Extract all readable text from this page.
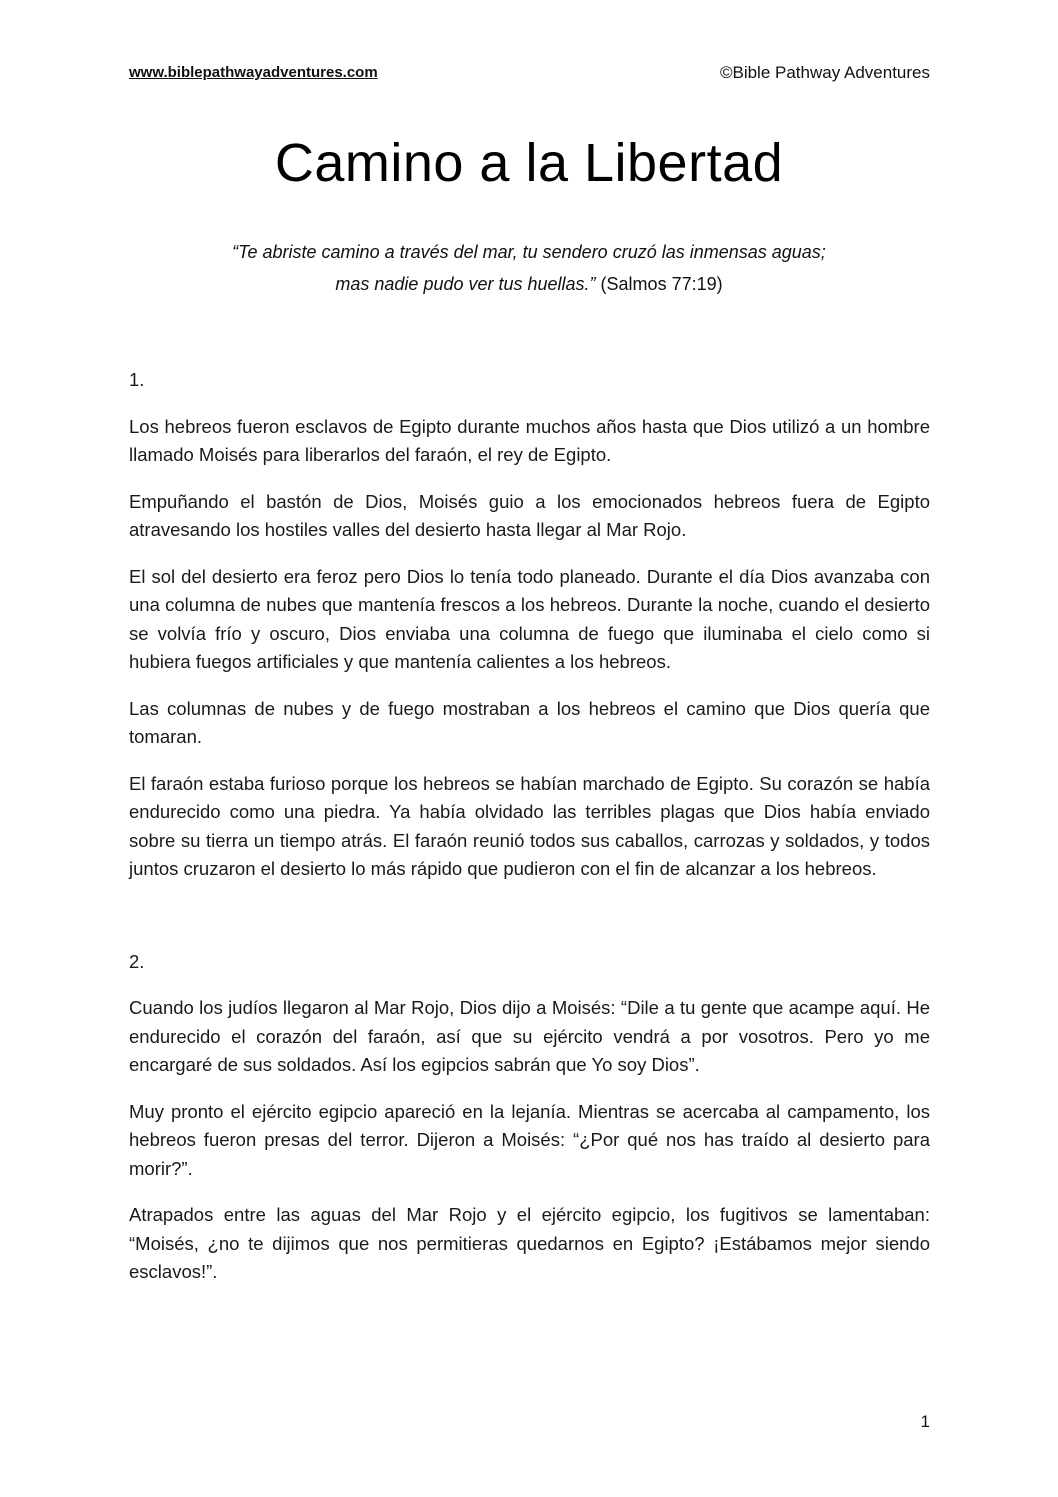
www.biblepathwayadventures.com	©Bible Pathway Adventures
Camino a la Libertad
“Te abriste camino a través del mar, tu sendero cruzó las inmensas aguas;
mas nadie pudo ver tus huellas.” (Salmos 77:19)
1.

Los hebreos fueron esclavos de Egipto durante muchos años hasta que Dios utilizó a un hombre llamado Moisés para liberarlos del faraón, el rey de Egipto.

Empuñando el bastón de Dios, Moisés guio a los emocionados hebreos fuera de Egipto atravesando los hostiles valles del desierto hasta llegar al Mar Rojo.

El sol del desierto era feroz pero Dios lo tenía todo planeado. Durante el día Dios avanzaba con una columna de nubes que mantenía frescos a los hebreos. Durante la noche, cuando el desierto se volvía frío y oscuro, Dios enviaba una columna de fuego que iluminaba el cielo como si hubiera fuegos artificiales y que mantenía calientes a los hebreos.

Las columnas de nubes y de fuego mostraban a los hebreos el camino que Dios quería que tomaran.

El faraón estaba furioso porque los hebreos se habían marchado de Egipto. Su corazón se había endurecido como una piedra. Ya había olvidado las terribles plagas que Dios había enviado sobre su tierra un tiempo atrás. El faraón reunió todos sus caballos, carrozas y soldados, y todos juntos cruzaron el desierto lo más rápido que pudieron con el fin de alcanzar a los hebreos.

2.

Cuando los judíos llegaron al Mar Rojo, Dios dijo a Moisés: “Dile a tu gente que acampe aquí. He endurecido el corazón del faraón, así que su ejército vendrá a por vosotros. Pero yo me encargaré de sus soldados. Así los egipcios sabrán que Yo soy Dios”.

Muy pronto el ejército egipcio apareció en la lejanía. Mientras se acercaba al campamento, los hebreos fueron presas del terror. Dijeron a Moisés: “¿Por qué nos has traído al desierto para morir?”.

Atrapados entre las aguas del Mar Rojo y el ejército egipcio, los fugitivos se lamentaban: “Moisés, ¿no te dijimos que nos permitieras quedarnos en Egipto? ¡Estábamos mejor siendo esclavos!”.

1
